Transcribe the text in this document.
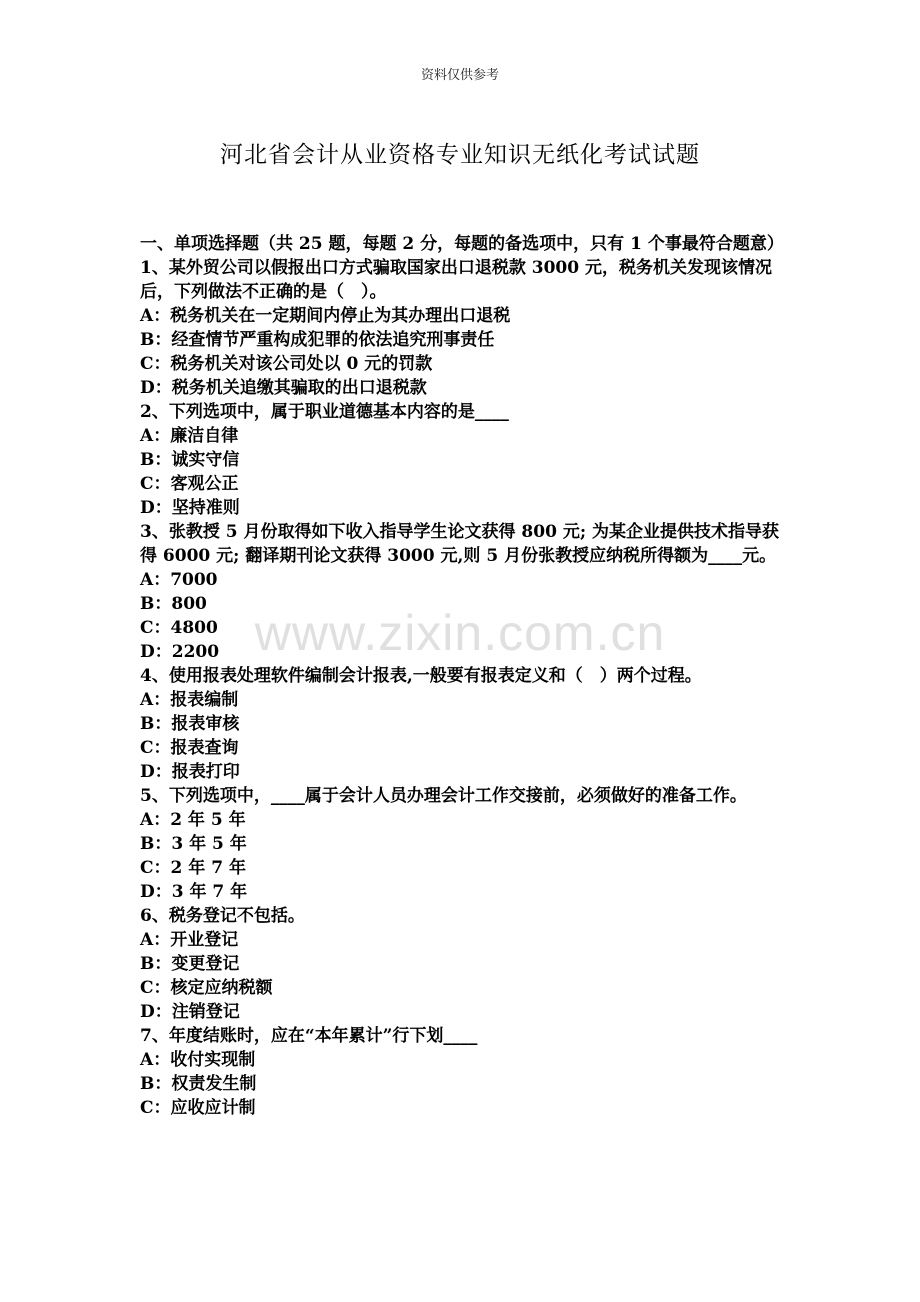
资料仅供参考
河北省会计从业资格专业知识无纸化考试试题
一、单项选择题（共 25 题，每题 2 分，每题的备选项中，只有 1 个事最符合题意）
1、某外贸公司以假报出口方式骗取国家出口退税款 3000 元，税务机关发现该情况后，下列做法不正确的是（　）。
A：税务机关在一定期间内停止为其办理出口退税
B：经查情节严重构成犯罪的依法追究刑事责任
C：税务机关对该公司处以 0 元的罚款
D：税务机关追缴其骗取的出口退税款
2、下列选项中，属于职业道德基本内容的是____
A：廉洁自律
B：诚实守信
C：客观公正
D：坚持准则
3、张教授 5 月份取得如下收入指导学生论文获得 800 元; 为某企业提供技术指导获得 6000 元; 翻译期刊论文获得 3000 元,则 5 月份张教授应纳税所得额为____元。
A：7000
B：800
C：4800
D：2200
4、使用报表处理软件编制会计报表,一般要有报表定义和（　）两个过程。
A：报表编制
B：报表审核
C：报表查询
D：报表打印
5、下列选项中，____属于会计人员办理会计工作交接前，必须做好的准备工作。
A：2 年 5 年
B：3 年 5 年
C：2 年 7 年
D：3 年 7 年
6、税务登记不包括。
A：开业登记
B：变更登记
C：核定应纳税额
D：注销登记
7、年度结账时，应在“本年累计”行下划____
A：收付实现制
B：权责发生制
C：应收应计制
www.zixin.com.cn
